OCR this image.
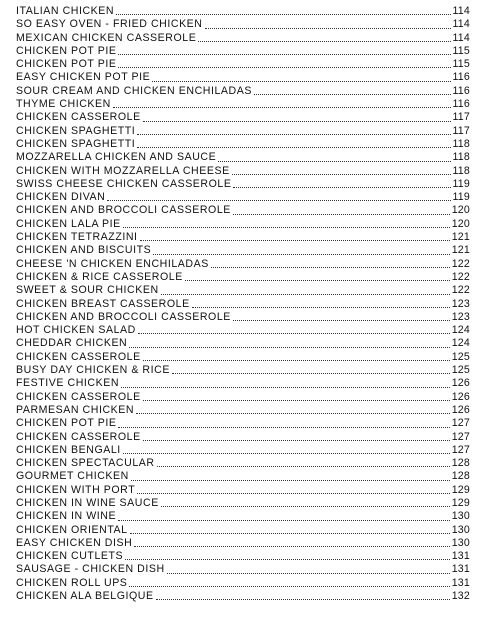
ITALIAN CHICKEN	114
SO EASY OVEN - FRIED CHICKEN	114
MEXICAN CHICKEN CASSEROLE	114
CHICKEN POT PIE	115
CHICKEN POT PIE	115
EASY CHICKEN POT PIE	116
SOUR CREAM AND CHICKEN ENCHILADAS	116
THYME CHICKEN	116
CHICKEN CASSEROLE	117
CHICKEN SPAGHETTI	117
CHICKEN SPAGHETTI	118
MOZZARELLA CHICKEN AND SAUCE	118
CHICKEN WITH MOZZARELLA CHEESE	118
SWISS CHEESE CHICKEN CASSEROLE	119
CHICKEN DIVAN	119
CHICKEN AND BROCCOLI CASSEROLE	120
CHICKEN LALA PIE	120
CHICKEN TETRAZZINI	121
CHICKEN AND BISCUITS	121
CHEESE 'N CHICKEN ENCHILADAS	122
CHICKEN & RICE CASSEROLE	122
SWEET & SOUR CHICKEN	122
CHICKEN BREAST CASSEROLE	123
CHICKEN AND BROCCOLI CASSEROLE	123
HOT CHICKEN SALAD	124
CHEDDAR CHICKEN	124
CHICKEN CASSEROLE	125
BUSY DAY CHICKEN & RICE	125
FESTIVE CHICKEN	126
CHICKEN CASSEROLE	126
PARMESAN CHICKEN	126
CHICKEN POT PIE	127
CHICKEN CASSEROLE	127
CHICKEN BENGALI	127
CHICKEN SPECTACULAR	128
GOURMET CHICKEN	128
CHICKEN WITH PORT	129
CHICKEN IN WINE SAUCE	129
CHICKEN IN WINE	130
CHICKEN ORIENTAL	130
EASY CHICKEN DISH	130
CHICKEN CUTLETS	131
SAUSAGE - CHICKEN DISH	131
CHICKEN ROLL UPS	131
CHICKEN ALA BELGIQUE	132
